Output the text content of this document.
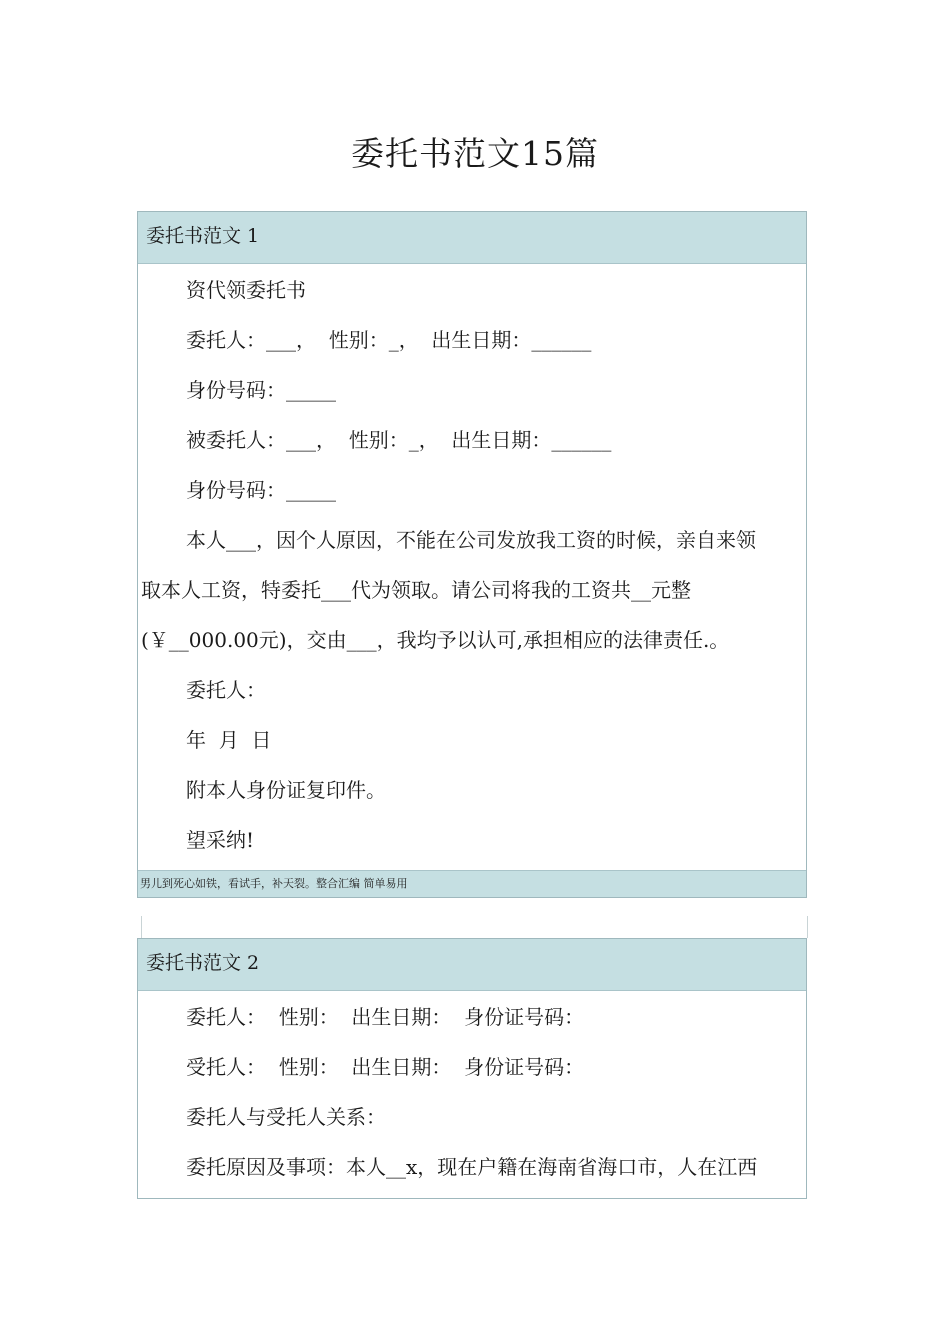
委托书范文15篇
委托书范文 1
资代领委托书
委托人：___，  性别：_，  出生日期：______
身份号码：_____
被委托人：___，  性别：_，  出生日期：______
身份号码：_____
本人___，因个人原因，不能在公司发放我工资的时候，亲自来领
取本人工资，特委托___代为领取。请公司将我的工资共__元整
(￥__000.00元)，交由___，我均予以认可,承担相应的法律责任.。
委托人：
年  月  日
附本人身份证复印件。
望采纳!
男儿到死心如铁，看试手，补天裂。整合汇编 简单易用
委托书范文 2
委托人：  性别：  出生日期：  身份证号码：
受托人：  性别：  出生日期：  身份证号码：
委托人与受托人关系：
委托原因及事项：本人__x，现在户籍在海南省海口市，人在江西
